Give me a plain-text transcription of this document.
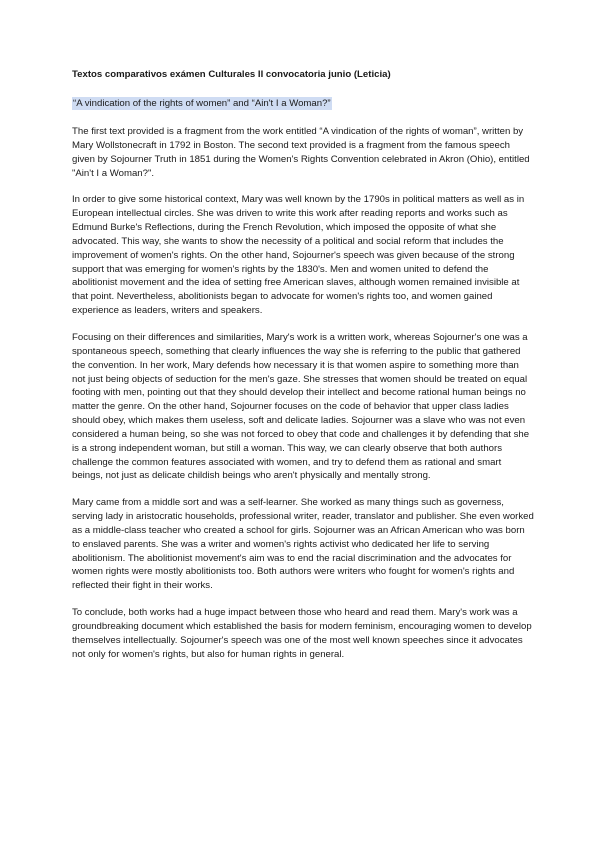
Textos comparativos exámen Culturales II convocatoria junio (Leticia)
“A vindication of the rights of women” and “Ain't I a Woman?”

The first text provided is a fragment from the work entitled “A vindication of the rights of woman”, written by Mary Wollstonecraft in 1792 in Boston. The second text provided is a fragment from the famous speech given by Sojourner Truth in 1851 during the Women's Rights Convention celebrated in Akron (Ohio), entitled "Ain't I a Woman?".

In order to give some historical context, Mary was well known by the 1790s in political matters as well as in European intellectual circles. She was driven to write this work after reading reports and works such as Edmund Burke's Reflections, during the French Revolution, which imposed the opposite of what she advocated. This way, she wants to show the necessity of a political and social reform that includes the improvement of women's rights. On the other hand, Sojourner's speech was given because of the strong support that was emerging for women's rights by the 1830's. Men and women united to defend the abolitionist movement and the idea of setting free American slaves, although women remained invisible at that point. Nevertheless, abolitionists began to advocate for women's rights too, and women gained experience as leaders, writers and speakers.

Focusing on their differences and similarities, Mary's work is a written work, whereas Sojourner's one was a spontaneous speech, something that clearly influences the way she is referring to the public that gathered the convention. In her work, Mary defends how necessary it is that women aspire to something more than not just being objects of seduction for the men's gaze. She stresses that women should be treated on equal footing with men, pointing out that they should develop their intellect and become rational human beings no matter the genre. On the other hand, Sojourner focuses on the code of behavior that upper class ladies should obey, which makes them useless, soft and delicate ladies. Sojourner was a slave who was not even considered a human being, so she was not forced to obey that code and challenges it by defending that she is a strong independent woman, but still a woman. This way, we can clearly observe that both authors challenge the common features associated with women, and try to defend them as rational and smart beings, not just as delicate childish beings who aren't physically and mentally strong.

Mary came from a middle sort and was a self-learner. She worked as many things such as governess, serving lady in aristocratic households, professional writer, reader, translator and publisher. She even worked as a middle-class teacher who created a school for girls. Sojourner was an African American who was born to enslaved parents. She was a writer and women's rights activist who dedicated her life to serving abolitionism. The abolitionist movement's aim was to end the racial discrimination and the advocates for women rights were mostly abolitionists too. Both authors were writers who fought for women's rights and reflected their fight in their works.

To conclude, both works had a huge impact between those who heard and read them. Mary's work was a groundbreaking document which established the basis for modern feminism, encouraging women to develop themselves intellectually. Sojourner's speech was one of the most well known speeches since it advocates not only for women's rights, but also for human rights in general.
